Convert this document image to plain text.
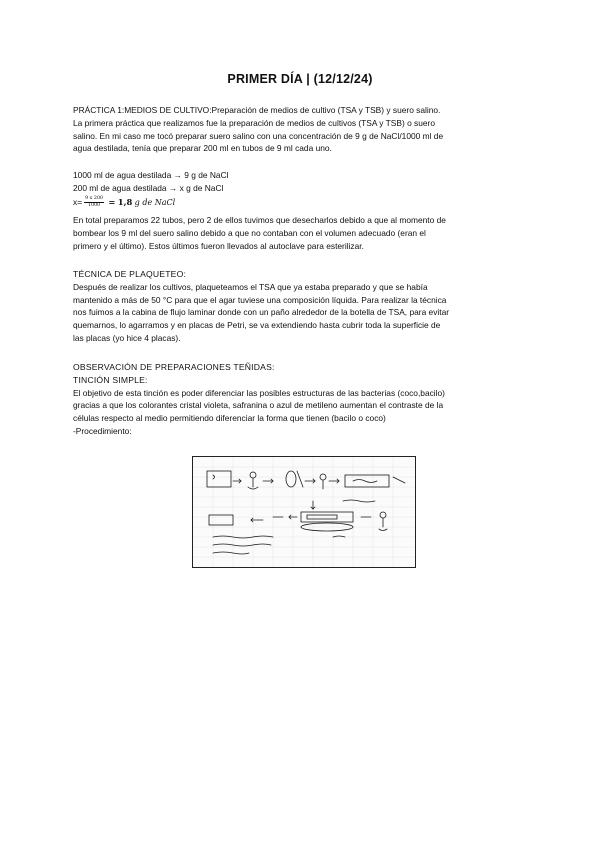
PRIMER DÍA | (12/12/24)

PRÁCTICA 1:MEDIOS DE CULTIVO:Preparación de medios de cultivo (TSA y TSB) y suero salino.

La primera práctica que realizamos fue la preparación de medios de cultivos (TSA y TSB) o suero

salino. En mi caso me tocó preparar suero salino con una concentración de 9 g de NaCl/1000 ml de

agua destilada, tenía que preparar 200 ml en tubos de 9 ml cada uno.

1000 ml de agua destilada → 9 g de NaCl

200 ml de agua destilada → x g de NaCl

$x= \frac{9 x 200}{1000} = 1,8$ g de NaCl

En total preparamos 22 tubos, pero 2 de ellos tuvimos que desecharlos debido a que al momento de

bombear los 9 ml del suero salino debido a que no contaban con el volumen adecuado (eran el

primero y el último). Estos últimos fueron llevados al autoclave para esterilizar.

TÉCNICA DE PLAQUETEO:

Después de realizar los cultivos, plaqueteamos el TSA que ya estaba preparado y que se había

mantenido a más de 50 °C para que el agar tuviese una composición líquida. Para realizar la técnica

nos fuimos a la cabina de flujo laminar donde con un paño alrededor de la botella de TSA, para evitar

quemarnos, lo agarramos y en placas de Petri, se va extendiendo hasta cubrir toda la superficie de

las placas (yo hice 4 placas).

OBSERVACIÓN DE PREPARACIONES TEÑIDAS:

TINCIÓN SIMPLE:

El objetivo de esta tinción es poder diferenciar las posibles estructuras de las bacterias (coco,bacilo)

gracias a que los colorantes cristal violeta, safranina o azul de metileno aumentan el contraste de la

células respecto al medio permitiendo diferenciar la forma que tienen (bacilo o coco)

-Procedimiento:
